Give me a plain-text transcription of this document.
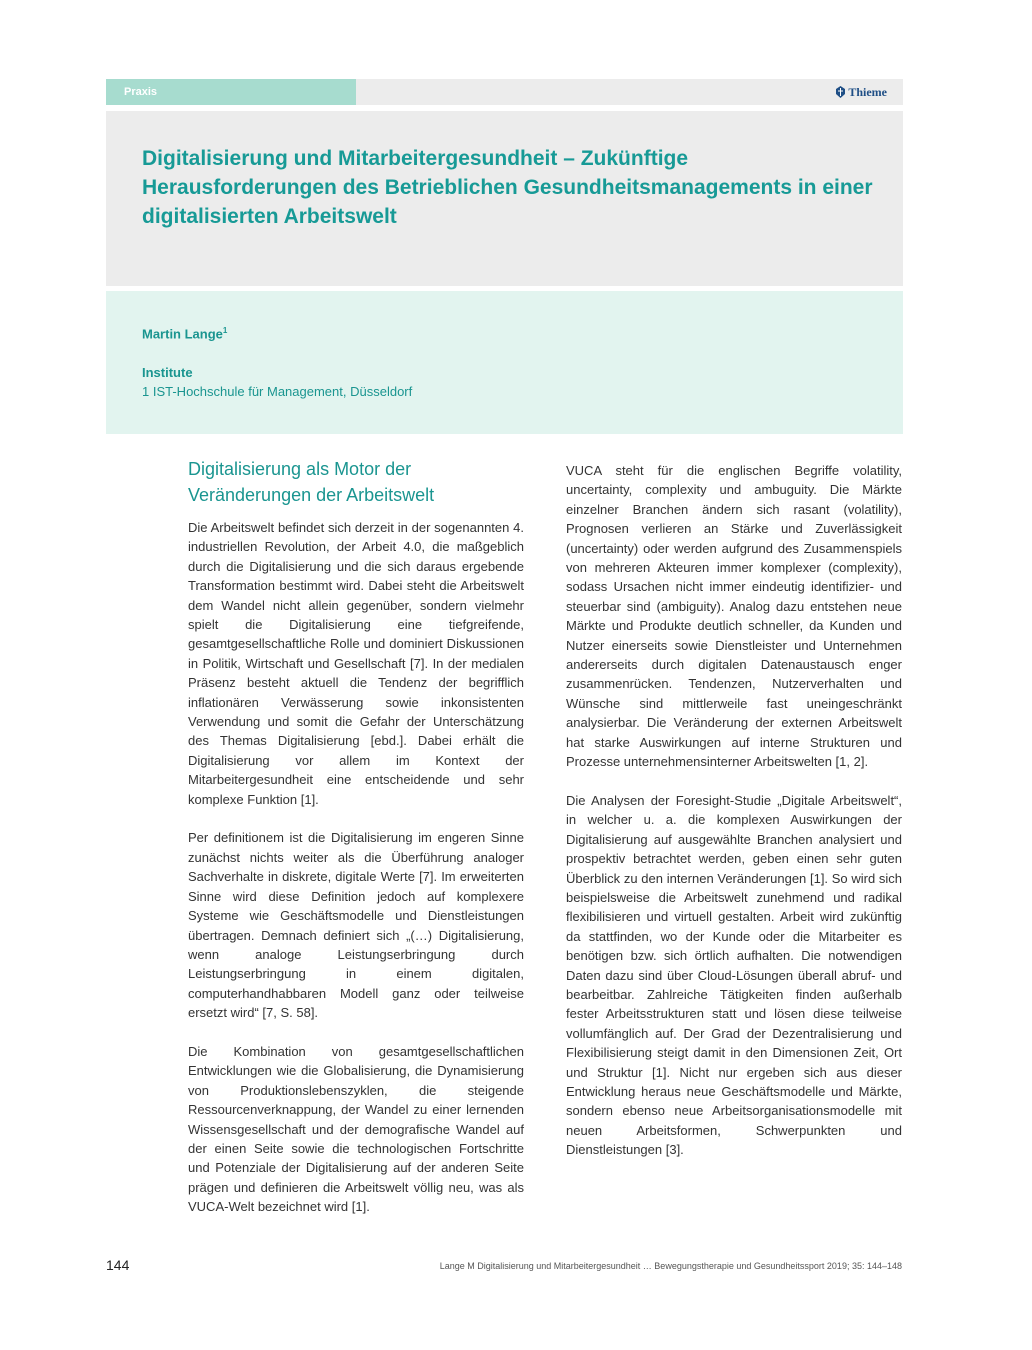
Praxis	Thieme
Digitalisierung und Mitarbeitergesundheit – Zukünftige Herausforderungen des Betrieblichen Gesundheitsmanagements in einer digitalisierten Arbeitswelt
Martin Lange$^1$
Institute
1 IST-Hochschule für Management, Düsseldorf
Digitalisierung als Motor der Veränderungen der Arbeitswelt

Die Arbeitswelt befindet sich derzeit in der sogenannten 4. industriellen Revolution, der Arbeit 4.0, die maßgeblich durch die Digitalisierung und die sich daraus ergebende Transformation bestimmt wird. Dabei steht die Arbeitswelt dem Wandel nicht allein gegenüber, sondern vielmehr spielt die Digitalisierung eine tiefgreifende, gesamtgesellschaftliche Rolle und dominiert Diskussionen in Politik, Wirtschaft und Gesellschaft [7]. In der medialen Präsenz besteht aktuell die Tendenz der begrifflich inflationären Verwässerung sowie inkonsistenten Verwendung und somit die Gefahr der Unterschätzung des Themas Digitalisierung [ebd.]. Dabei erhält die Digitalisierung vor allem im Kontext der Mitarbeitergesundheit eine entscheidende und sehr komplexe Funktion [1].

Per definitionem ist die Digitalisierung im engeren Sinne zunächst nichts weiter als die Überführung analoger Sachverhalte in diskrete, digitale Werte [7]. Im erweiterten Sinne wird diese Definition jedoch auf komplexere Systeme wie Geschäftsmodelle und Dienstleistungen übertragen. Demnach definiert sich „(…) Digitalisierung, wenn analoge Leistungserbringung durch Leistungserbringung in einem digitalen, computerhandhabbaren Modell ganz oder teilweise ersetzt wird“ [7, S. 58].

Die Kombination von gesamtgesellschaftlichen Entwicklungen wie die Globalisierung, die Dynamisierung von Produktionslebenszyklen, die steigende Ressourcenverknappung, der Wandel zu einer lernenden Wissensgesellschaft und der demografische Wandel auf der einen Seite sowie die technologischen Fortschritte und Potenziale der Digitalisierung auf der anderen Seite prägen und definieren die Arbeitswelt völlig neu, was als VUCA-Welt bezeichnet wird [1].

VUCA steht für die englischen Begriffe volatility, uncertainty, complexity und ambuguity. Die Märkte einzelner Branchen ändern sich rasant (volatility), Prognosen verlieren an Stärke und Zuverlässigkeit (uncertainty) oder werden aufgrund des Zusammenspiels von mehreren Akteuren immer komplexer (complexity), sodass Ursachen nicht immer eindeutig identifizier- und steuerbar sind (ambiguity). Analog dazu entstehen neue Märkte und Produkte deutlich schneller, da Kunden und Nutzer einerseits sowie Dienstleister und Unternehmen andererseits durch digitalen Datenaustausch enger zusammenrücken. Tendenzen, Nutzerverhalten und Wünsche sind mittlerweile fast uneingeschränkt analysierbar. Die Veränderung der externen Arbeitswelt hat starke Auswirkungen auf interne Strukturen und Prozesse unternehmensinterner Arbeitswelten [1, 2].

Die Analysen der Foresight-Studie „Digitale Arbeitswelt“, in welcher u. a. die komplexen Auswirkungen der Digitalisierung auf ausgewählte Branchen analysiert und prospektiv betrachtet werden, geben einen sehr guten Überblick zu den internen Veränderungen [1]. So wird sich beispielsweise die Arbeitswelt zunehmend und radikal flexibilisieren und virtuell gestalten. Arbeit wird zukünftig da stattfinden, wo der Kunde oder die Mitarbeiter es benötigen bzw. sich örtlich aufhalten. Die notwendigen Daten dazu sind über Cloud-Lösungen überall abruf- und bearbeitbar. Zahlreiche Tätigkeiten finden außerhalb fester Arbeitsstrukturen statt und lösen diese teilweise vollumfänglich auf. Der Grad der Dezentralisierung und Flexibilisierung steigt damit in den Dimensionen Zeit, Ort und Struktur [1]. Nicht nur ergeben sich aus dieser Entwicklung heraus neue Geschäftsmodelle und Märkte, sondern ebenso neue Arbeitsorganisationsmodelle mit neuen Arbeitsformen, Schwerpunkten und Dienstleistungen [3].

144	Lange M Digitalisierung und Mitarbeitergesundheit … Bewegungstherapie und Gesundheitssport 2019; 35: 144–148
